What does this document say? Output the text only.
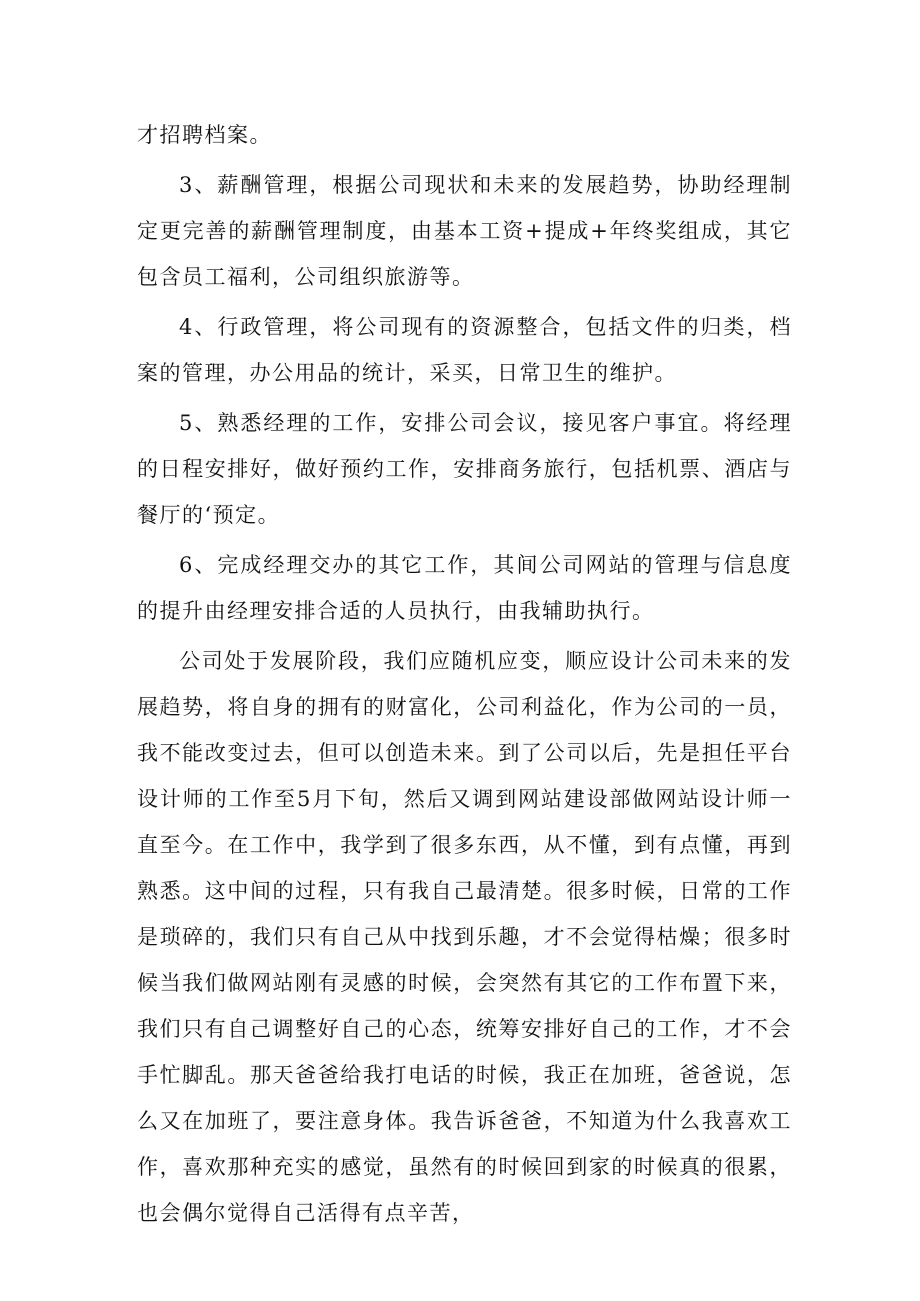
才招聘档案。

3、薪酬管理，根据公司现状和未来的发展趋势，协助经理制定更完善的薪酬管理制度，由基本工资+提成+年终奖组成，其它包含员工福利，公司组织旅游等。

4、行政管理，将公司现有的资源整合，包括文件的归类，档案的管理，办公用品的统计，采买，日常卫生的维护。

5、熟悉经理的工作，安排公司会议，接见客户事宜。将经理的日程安排好，做好预约工作，安排商务旅行，包括机票、酒店与餐厅的‘预定。

6、完成经理交办的其它工作，其间公司网站的管理与信息度的提升由经理安排合适的人员执行，由我辅助执行。

公司处于发展阶段，我们应随机应变，顺应设计公司未来的发展趋势，将自身的拥有的财富化，公司利益化，作为公司的一员，我不能改变过去，但可以创造未来。到了公司以后，先是担任平台设计师的工作至5月下旬，然后又调到网站建设部做网站设计师一直至今。在工作中，我学到了很多东西，从不懂，到有点懂，再到熟悉。这中间的过程，只有我自己最清楚。很多时候，日常的工作是琐碎的，我们只有自己从中找到乐趣，才不会觉得枯燥；很多时候当我们做网站刚有灵感的时候，会突然有其它的工作布置下来，我们只有自己调整好自己的心态，统筹安排好自己的工作，才不会手忙脚乱。那天爸爸给我打电话的时候，我正在加班，爸爸说，怎么又在加班了，要注意身体。我告诉爸爸，不知道为什么我喜欢工作，喜欢那种充实的感觉，虽然有的时候回到家的时候真的很累，也会偶尔觉得自己活得有点辛苦，
